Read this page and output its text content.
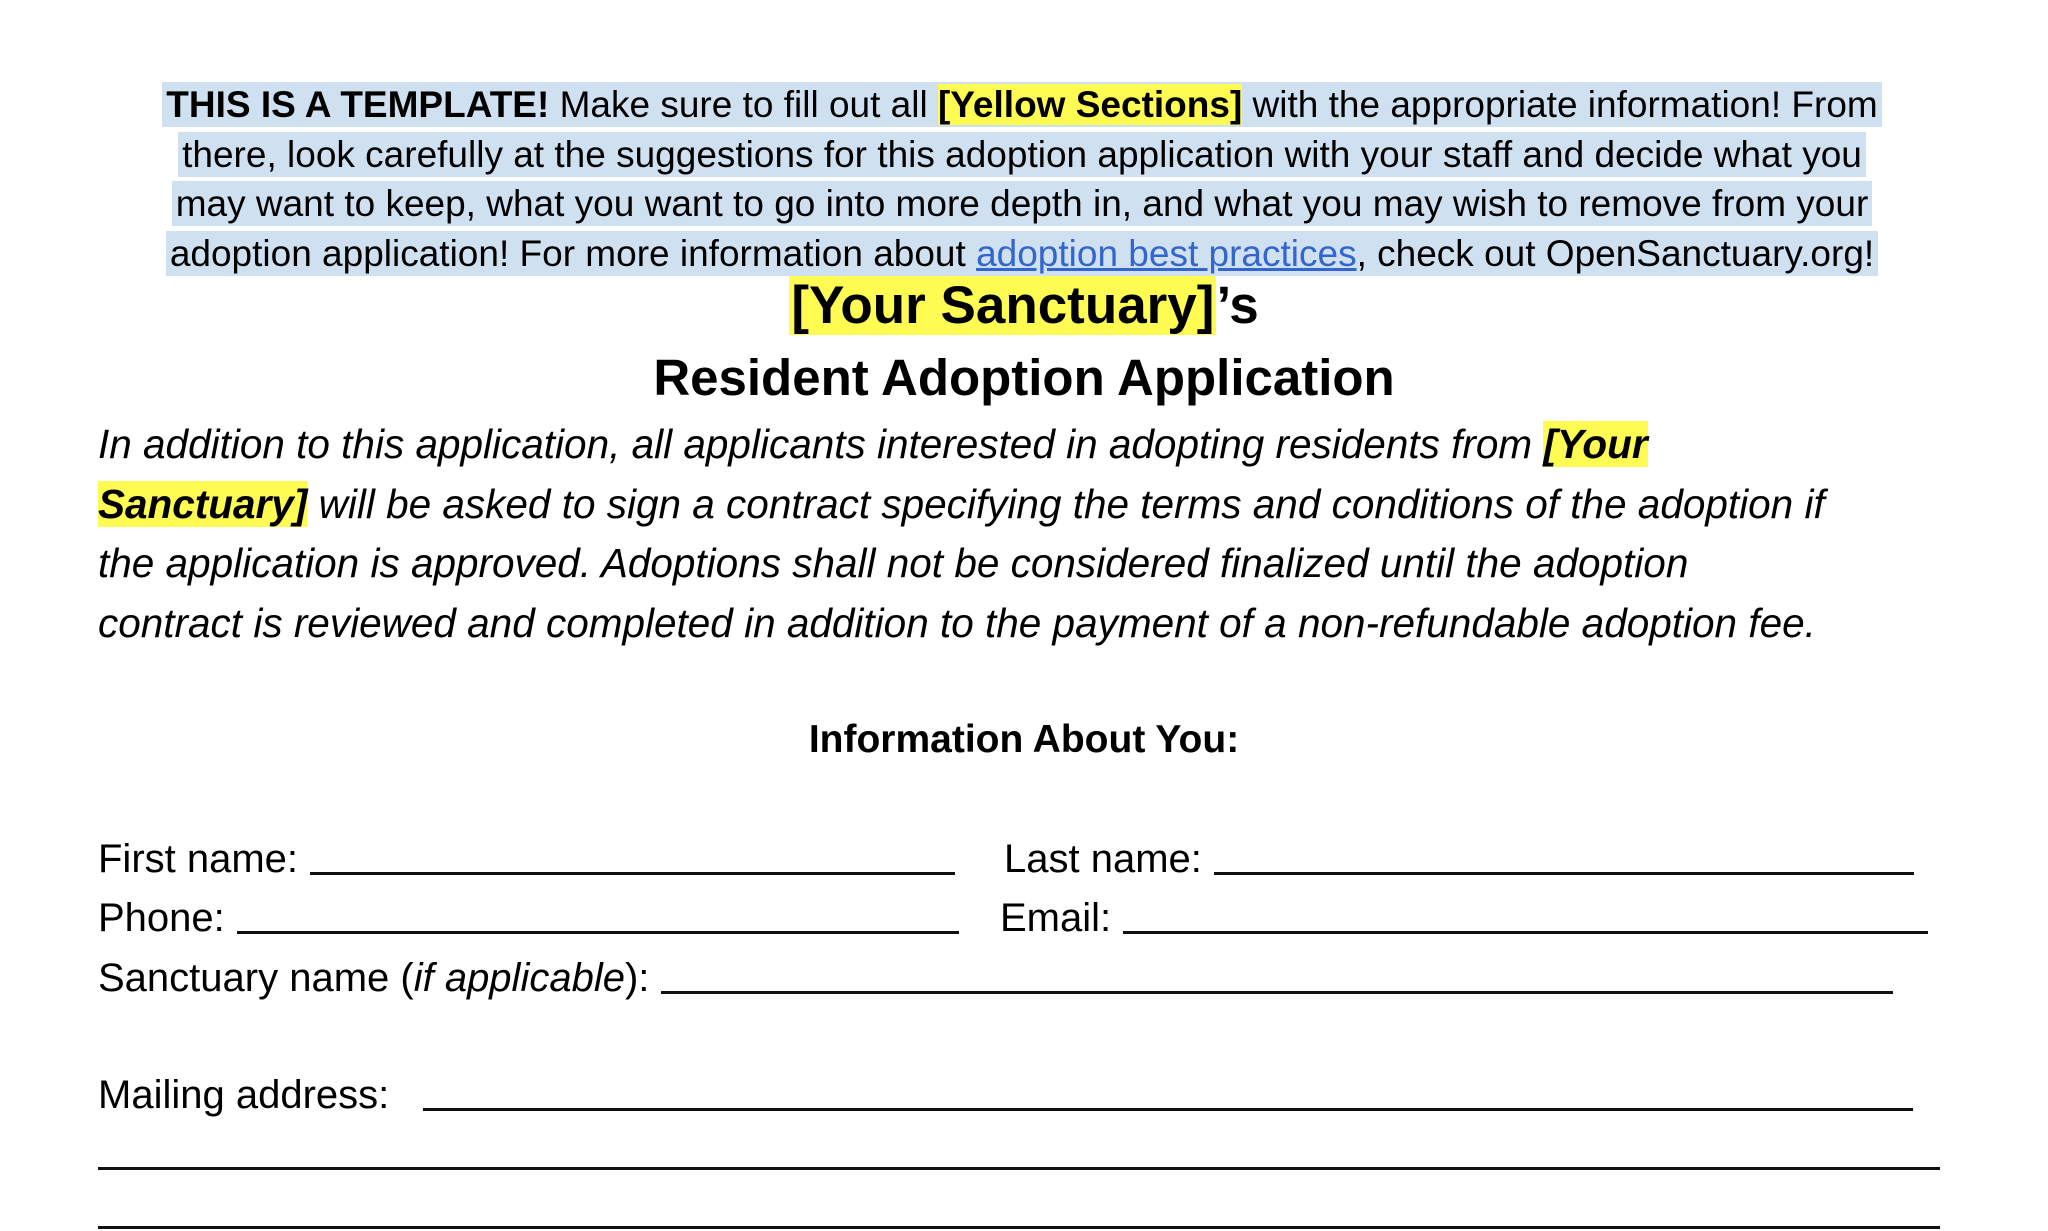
THIS IS A TEMPLATE! Make sure to fill out all [Yellow Sections] with the appropriate information! From
there, look carefully at the suggestions for this adoption application with your staff and decide what you
may want to keep, what you want to go into more depth in, and what you may wish to remove from your
adoption application! For more information about adoption best practices, check out OpenSanctuary.org!
[Your Sanctuary]’s
Resident Adoption Application
In addition to this application, all applicants interested in adopting residents from [Your
Sanctuary] will be asked to sign a contract specifying the terms and conditions of the adoption if
the application is approved. Adoptions shall not be considered finalized until the adoption
contract is reviewed and completed in addition to the payment of a non-refundable adoption fee.
Information About You:
First name:	Last name:
Phone:	Email:
Sanctuary name (if applicable):
Mailing address:
